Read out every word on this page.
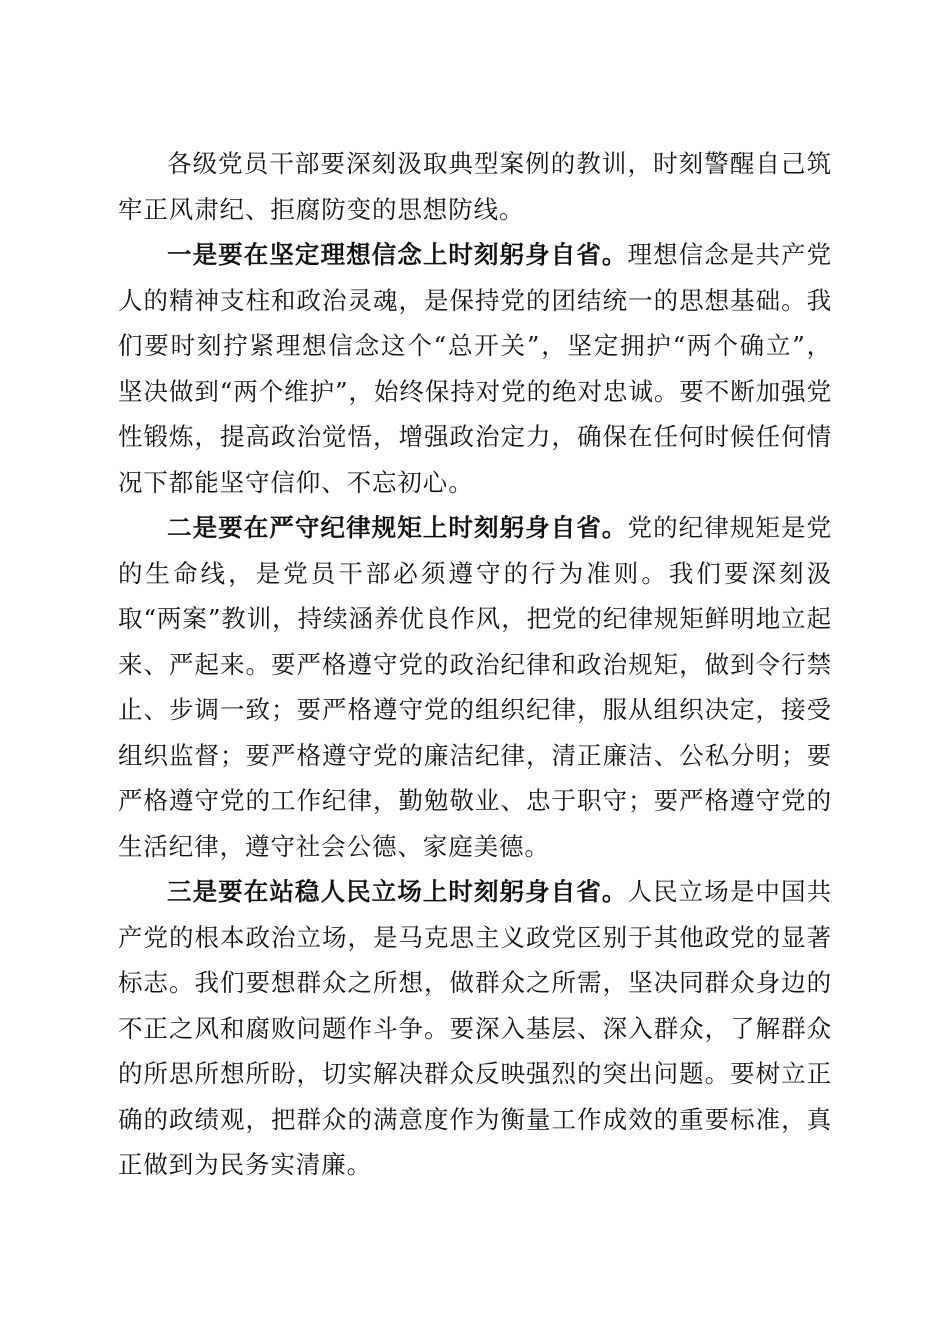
各级党员干部要深刻汲取典型案例的教训，时刻警醒自己筑牢正风肃纪、拒腐防变的思想防线。

一是要在坚定理想信念上时刻躬身自省。理想信念是共产党人的精神支柱和政治灵魂，是保持党的团结统一的思想基础。我们要时刻拧紧理想信念这个“总开关”，坚定拥护“两个确立”，坚决做到“两个维护”，始终保持对党的绝对忠诚。要不断加强党性锻炼，提高政治觉悟，增强政治定力，确保在任何时候任何情况下都能坚守信仰、不忘初心。

二是要在严守纪律规矩上时刻躬身自省。党的纪律规矩是党的生命线，是党员干部必须遵守的行为准则。我们要深刻汲取“两案”教训，持续涵养优良作风，把党的纪律规矩鲜明地立起来、严起来。要严格遵守党的政治纪律和政治规矩，做到令行禁止、步调一致；要严格遵守党的组织纪律，服从组织决定，接受组织监督；要严格遵守党的廉洁纪律，清正廉洁、公私分明；要严格遵守党的工作纪律，勤勉敬业、忠于职守；要严格遵守党的生活纪律，遵守社会公德、家庭美德。

三是要在站稳人民立场上时刻躬身自省。人民立场是中国共产党的根本政治立场，是马克思主义政党区别于其他政党的显著标志。我们要想群众之所想，做群众之所需，坚决同群众身边的不正之风和腐败问题作斗争。要深入基层、深入群众，了解群众的所思所想所盼，切实解决群众反映强烈的突出问题。要树立正确的政绩观，把群众的满意度作为衡量工作成效的重要标准，真正做到为民务实清廉。
